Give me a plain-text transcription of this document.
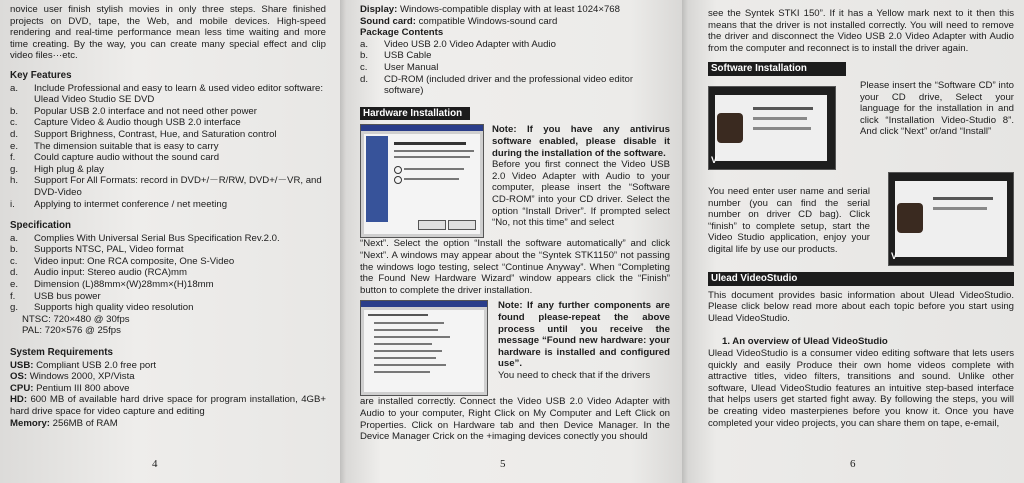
novice user finish stylish movies in only three steps. Share finished projects on DVD, tape, the Web, and mobile devices. High-speed rendering and real-time performance mean less time waiting and more time creating. By the way, you can create many special effect and clip video files···etc.

Key Features
a.	Include Professional and easy to learn & used video editor software: Ulead Video Studio SE DVD
b.	Popular USB 2.0 interface and not need other power
c.	Capture Video & Audio though USB 2.0 interface
d.	Support Brighness, Contrast, Hue, and Saturation control
e.	The dimension suitable that is easy to carry
f.	Could capture audio without the sound card
g.	High plug & play
h.	Support For All Formats: record in DVD+/－R/RW, DVD+/－VR, and DVD-Video
i.	Applying to intermet conference / net meeting
Specification
a.	Complies With Universal Serial Bus Specification Rev.2.0.
b.	Supports NTSC, PAL, Video format
c.	Video input: One RCA composite, One S-Video
d.	Audio input: Stereo audio (RCA)mm
e.	Dimension (L)88mm×(W)28mm×(H)18mm
f.	USB bus power
g.	Supports high quality video resolution

NTSC: 720×480 @ 30fps

PAL: 720×576 @ 25fps

System Requirements

USB: Compliant USB 2.0 free port

OS: Windows 2000, XP/Vista

CPU: Pentium III 800 above

HD: 600 MB of available hard drive space for program installation, 4GB+ hard drive space for video capture and editing

Memory: 256MB of RAM

4

Display: Windows-compatible display with at least 1024×768

Sound card: compatible Windows-sound card

Package Contents

a.	Video USB 2.0 Video Adapter with Audio
b.	USB Cable
c.	User Manual
d.	CD-ROM (included driver and the professional video editor software)
Hardware Installation

Note: If you have any antivirus software enabled, please disable it during the installation of the software.

Before you first connect the Video USB 2.0 Video Adapter with Audio to your computer, please insert the “Software CD-ROM” into your CD driver. Select the option “Install Driver”. If prompted select “No, not this time” and select

“Next”. Select the option “Install the software automatically” and click “Next”. A windows may appear about the “Syntek STK1150” not passing the windows logo testing, select “Continue Anyway”. When “Completing the Found New Hardware Wizard” window appears click the “Finish” button to complete the driver installation.

Note: If any further components are found please-repeat the above process until you receive the message “Found new hardware: your hardware is installed and configured use”.

You need to check that if the drivers

are installed correctly. Connect the Video USB 2.0 Video Adapter with Audio to your computer, Right Click on My Computer and Left Click on Properties. Click on Hardware tab and then Device Manager. In the Device Manager Crick on the +imaging devices conectly you should

5

see the Syntek STKI 150”. If it has a Yellow mark next to it then this means that the driver is not installed correctly. You will need to remove the driver and disconnect the Video USB 2.0 Video Adapter with Audio from the computer and reconnect is to install the driver again.

Software Installation
V

Please insert the “Software CD” into your CD drive, Select your language for the installation in and click “Installation Video-Studio 8”. And click “Next” or/and “Install”

You need enter user name and serial number (you can find the serial number on driver CD bag). Click “finish” to complete setup, start the Video Studio application, enjoy your digital life by use our products.

V
Ulead VideoStudio

This document provides basic information about Ulead VideoStudio. Please click below read more about each topic before you start using Ulead VideoStudio.

1. An overview of Ulead VideoStudio

Ulead VideoStudio is a consumer video editing software that lets users quickly and easily Produce their own home videos complete with attractive titles, video filters, transitions and sound. Unlike other software, Ulead VideoStudio features an intuitive step-based interface that helps users get started fight away. By following the steps, you will be creating video masterpienes before you know it. Once you have completed your video projects, you can share them on tape, e-email,

6
